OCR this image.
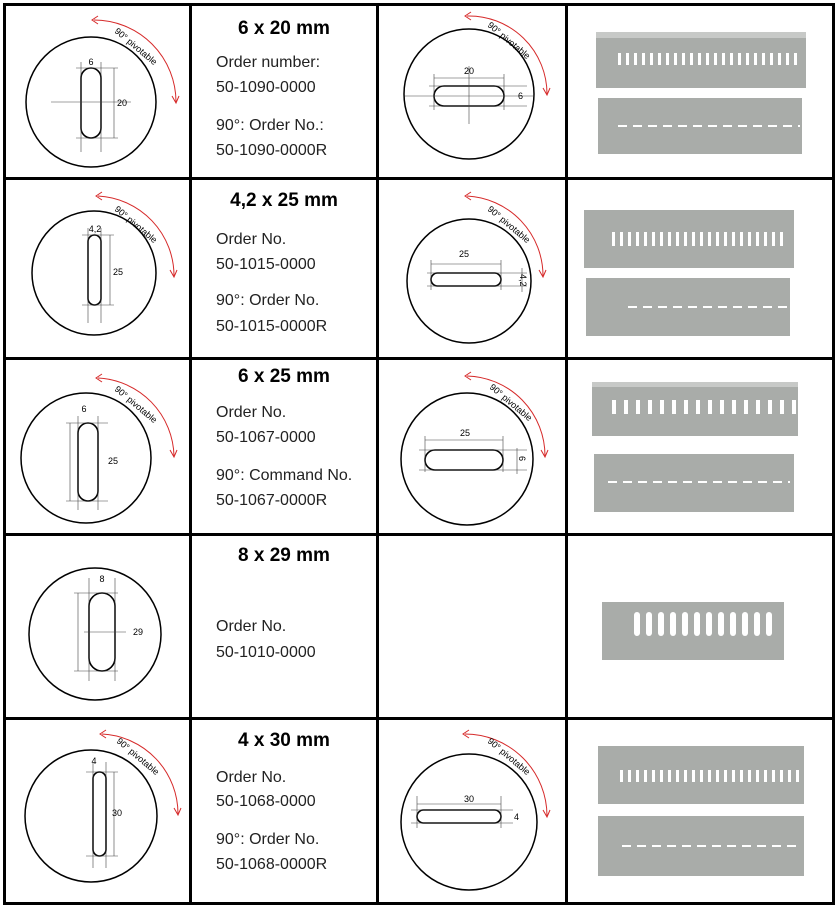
6
20
90° pivotable	6 x 20 mm
Order number:
50-1090-0000
90°: Order No.:
50-1090-0000R
20
6
90° pivotable
4,2
25
90° pivotable
4,2 x 25 mm
Order No.
50-1015-0000
90°: Order No.
50-1015-0000R
25
4,2
90° pivotable
6
25
90° pivotable
6 x 25 mm
Order No.
50-1067-0000
90°: Command No.
50-1067-0000R
25
6
90° pivotable
8
29
8 x 29 mm
Order No.
50-1010-0000
4
30
90° pivotable	4 x 30 mm
Order No.
50-1068-0000
90°: Order No.
50-1068-0000R
30
4
90° pivotable
